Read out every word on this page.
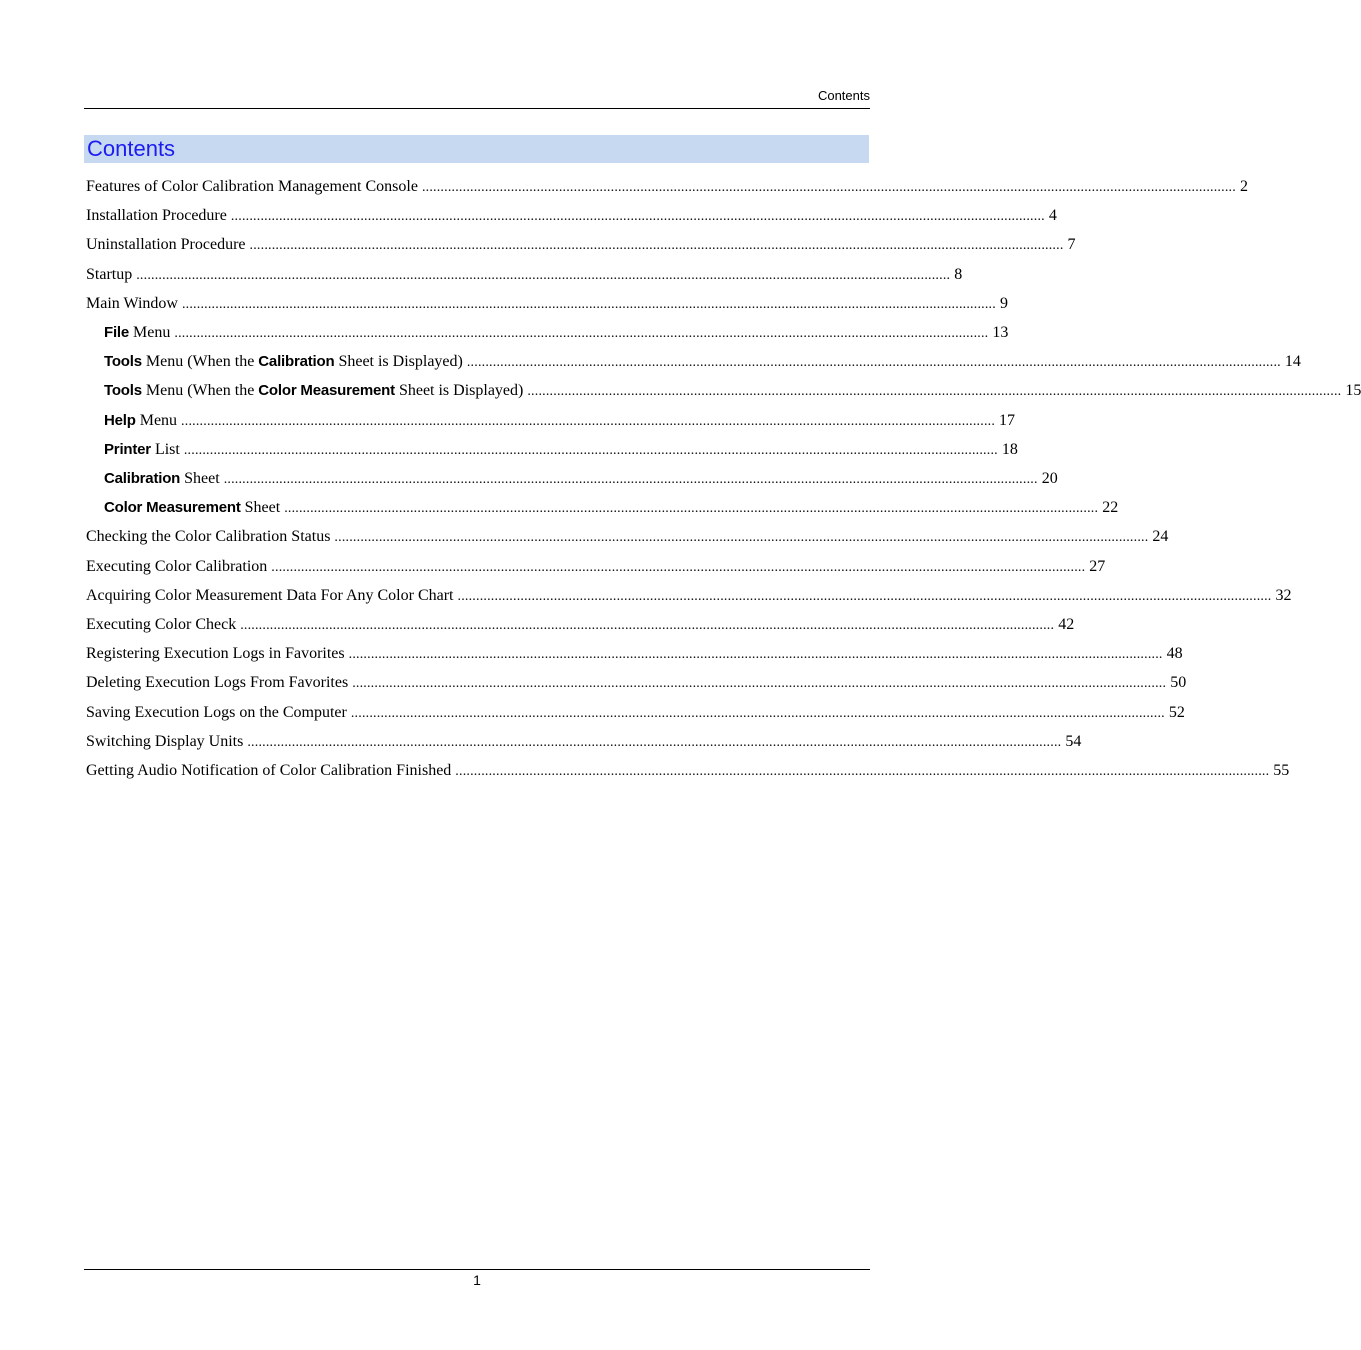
Contents
Contents
Features of Color Calibration Management Console ............................................................................................................................................................................................................................ 2
Installation Procedure ............................................................................................................................................................................................................................ 4
Uninstallation Procedure ............................................................................................................................................................................................................................ 7
Startup ............................................................................................................................................................................................................................ 8
Main Window ............................................................................................................................................................................................................................ 9
File Menu ............................................................................................................................................................................................................................ 13
Tools Menu (When the Calibration Sheet is Displayed) ............................................................................................................................................................................................................................ 14
Tools Menu (When the Color Measurement Sheet is Displayed) ............................................................................................................................................................................................................................ 15
Help Menu ............................................................................................................................................................................................................................ 17
Printer List ............................................................................................................................................................................................................................ 18
Calibration Sheet ............................................................................................................................................................................................................................ 20
Color Measurement Sheet ............................................................................................................................................................................................................................ 22
Checking the Color Calibration Status ............................................................................................................................................................................................................................ 24
Executing Color Calibration ............................................................................................................................................................................................................................ 27
Acquiring Color Measurement Data For Any Color Chart ............................................................................................................................................................................................................................ 32
Executing Color Check ............................................................................................................................................................................................................................ 42
Registering Execution Logs in Favorites ............................................................................................................................................................................................................................ 48
Deleting Execution Logs From Favorites ............................................................................................................................................................................................................................ 50
Saving Execution Logs on the Computer ............................................................................................................................................................................................................................ 52
Switching Display Units ............................................................................................................................................................................................................................ 54
Getting Audio Notification of Color Calibration Finished ............................................................................................................................................................................................................................ 55
1
